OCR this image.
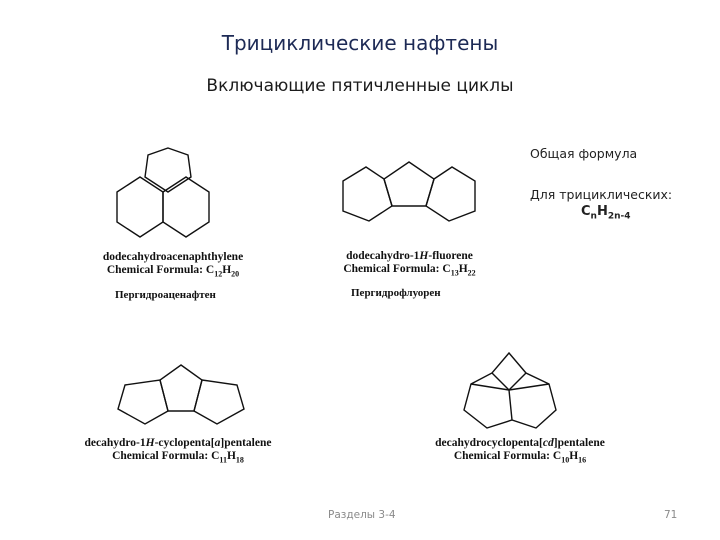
Трициклические нафтены
Включающие пятичленные циклы
Общая формула
Для трициклических:
$C_nH_{2n-4}$
dodecahydroacenaphthylene
Chemical Formula: $C_{12}H_{20}$
Пергидроаценафтен
dodecahydro-1H-fluorene
Chemical Formula: $C_{13}H_{22}$
Пергидрофлуорен
decahydro-1H-cyclopenta[a]pentalene
Chemical Formula: $C_{11}H_{18}$
decahydrocyclopenta[cd]pentalene
Chemical Formula: $C_{10}H_{16}$
Разделы 3-4	71
